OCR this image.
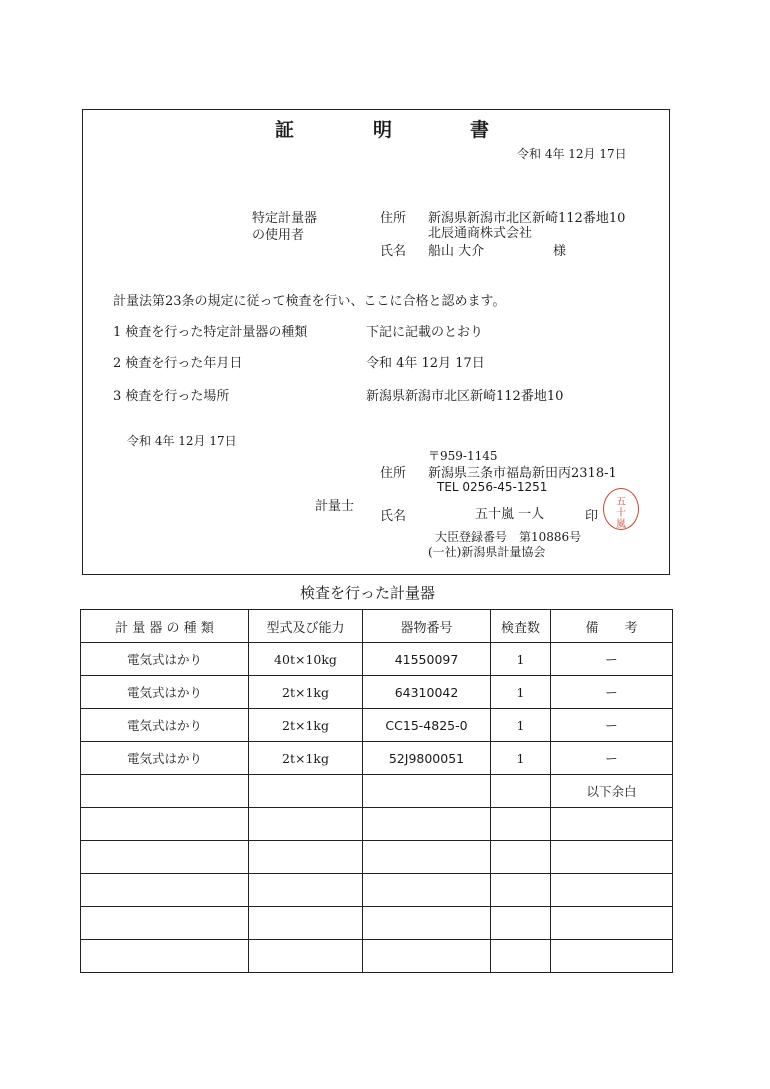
証	明	書
令和 4年 12月 17日
特定計量器
の使用者
住所 新潟県新潟市北区新崎112番地10
北辰通商株式会社
氏名 船山 大介	様
計量法第23条の規定に従って検査を行い、ここに合格と認めます。
1 検査を行った特定計量器の種類	下記に記載のとおり
2 検査を行った年月日	令和 4年 12月 17日
3 検査を行った場所	新潟県新潟市北区新崎112番地10
令和 4年 12月 17日
〒959-1145
住所 新潟県三条市福島新田丙2318-1
TEL 0256-45-1251
計量士
氏名	五十嵐 一人	印
五十嵐
大臣登録番号　第10886号
(一社)新潟県計量協会
検査を行った計量器
計 量 器 の 種 類	型式及び能力	器物番号	検査数	備　　考
電気式はかり	40t×10kg	41550097	1	ー
電気式はかり	2t×1kg	64310042	1	ー
電気式はかり	2t×1kg	CC15-4825-0	1	ー
電気式はかり	2t×1kg	52J9800051	1	ー
				以下余白
